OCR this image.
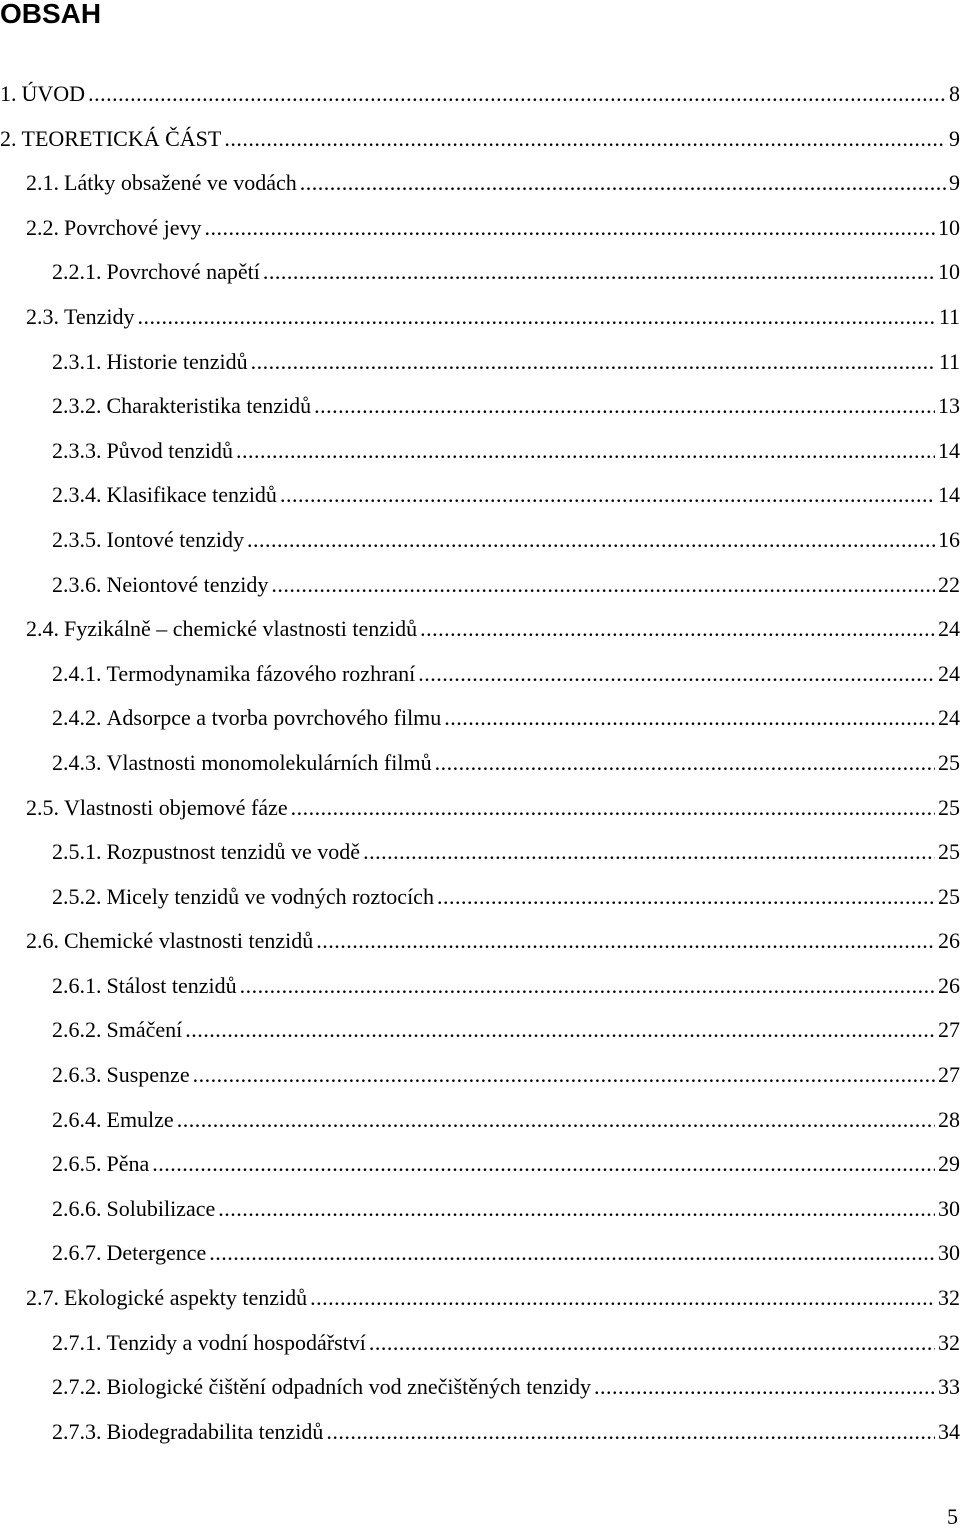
OBSAH
1. ÚVOD .....	8
2. TEORETICKÁ ČÁST .....	9
2.1. Látky obsažené ve vodách .....	9
2.2. Povrchové jevy .....	10
2.2.1. Povrchové napětí .....	10
2.3. Tenzidy .....	11
2.3.1. Historie tenzidů .....	11
2.3.2. Charakteristika tenzidů .....	13
2.3.3. Původ tenzidů .....	14
2.3.4. Klasifikace tenzidů .....	14
2.3.5. Iontové tenzidy .....	16
2.3.6. Neiontové tenzidy .....	22
2.4. Fyzikálně – chemické vlastnosti tenzidů .....	24
2.4.1. Termodynamika fázového rozhraní .....	24
2.4.2. Adsorpce a tvorba povrchového filmu .....	24
2.4.3. Vlastnosti monomolekulárních filmů .....	25
2.5. Vlastnosti objemové fáze .....	25
2.5.1. Rozpustnost tenzidů ve vodě .....	25
2.5.2. Micely tenzidů ve vodných roztocích .....	25
2.6. Chemické vlastnosti tenzidů .....	26
2.6.1. Stálost tenzidů .....	26
2.6.2. Smáčení .....	27
2.6.3. Suspenze .....	27
2.6.4. Emulze .....	28
2.6.5. Pěna .....	29
2.6.6. Solubilizace .....	30
2.6.7. Detergence .....	30
2.7. Ekologické aspekty tenzidů .....	32
2.7.1. Tenzidy a vodní hospodářství .....	32
2.7.2. Biologické čištění odpadních vod znečištěných tenzidy .....	33
2.7.3. Biodegradabilita tenzidů .....	34
5
